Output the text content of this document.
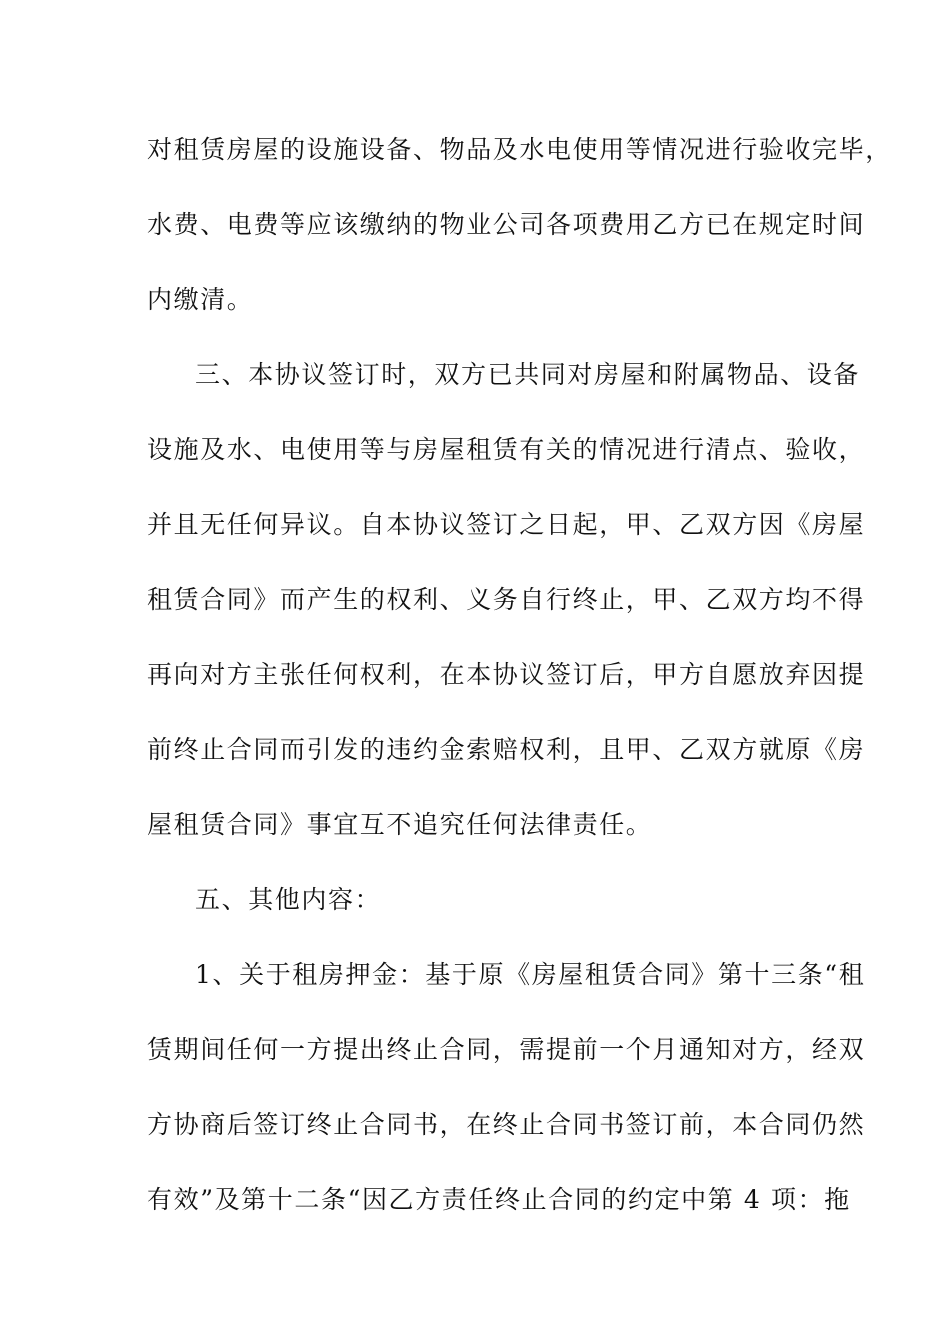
对租赁房屋的设施设备、物品及水电使用等情况进行验收完毕，
水费、电费等应该缴纳的物业公司各项费用乙方已在规定时间
内缴清。
三、本协议签订时，双方已共同对房屋和附属物品、设备
设施及水、电使用等与房屋租赁有关的情况进行清点、验收，
并且无任何异议。自本协议签订之日起，甲、乙双方因《房屋
租赁合同》而产生的权利、义务自行终止，甲、乙双方均不得
再向对方主张任何权利，在本协议签订后，甲方自愿放弃因提
前终止合同而引发的违约金索赔权利，且甲、乙双方就原《房
屋租赁合同》事宜互不追究任何法律责任。
五、其他内容：
1、关于租房押金：基于原《房屋租赁合同》第十三条“租
赁期间任何一方提出终止合同，需提前一个月通知对方，经双
方协商后签订终止合同书，在终止合同书签订前，本合同仍然
有效”及第十二条“因乙方责任终止合同的约定中第 4 项：拖
